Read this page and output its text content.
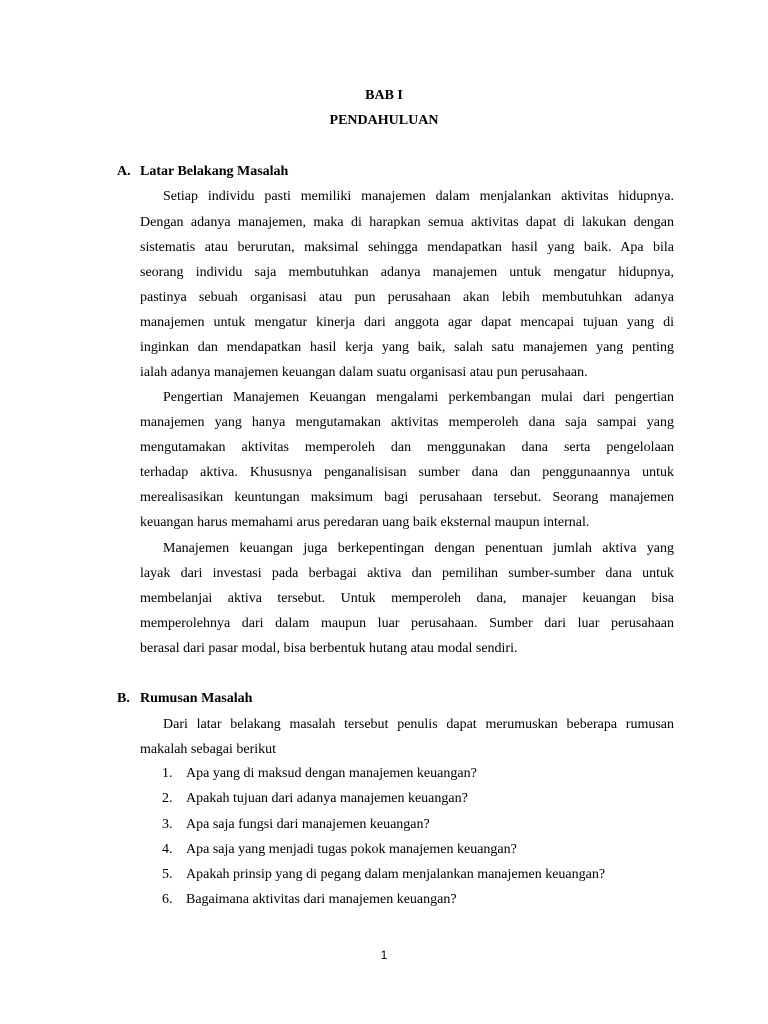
BAB I
PENDAHULUAN
A. Latar Belakang Masalah
Setiap individu pasti memiliki manajemen dalam menjalankan aktivitas hidupnya.
Dengan adanya manajemen, maka di harapkan semua aktivitas dapat di lakukan dengan
sistematis atau berurutan, maksimal sehingga mendapatkan hasil yang baik. Apa bila
seorang individu saja membutuhkan adanya manajemen untuk mengatur hidupnya,
pastinya sebuah organisasi atau pun perusahaan akan lebih membutuhkan adanya
manajemen untuk mengatur kinerja dari anggota agar dapat mencapai tujuan yang di
inginkan dan mendapatkan hasil kerja yang baik, salah satu manajemen yang penting
ialah adanya manajemen keuangan dalam suatu organisasi atau pun perusahaan.
Pengertian Manajemen Keuangan mengalami perkembangan mulai dari pengertian
manajemen yang hanya mengutamakan aktivitas memperoleh dana saja sampai yang
mengutamakan aktivitas memperoleh dan menggunakan dana serta pengelolaan
terhadap aktiva. Khususnya penganalisisan sumber dana dan penggunaannya untuk
merealisasikan keuntungan maksimum bagi perusahaan tersebut. Seorang manajemen
keuangan harus memahami arus peredaran uang baik eksternal maupun internal.
Manajemen keuangan juga berkepentingan dengan penentuan jumlah aktiva yang
layak dari investasi pada berbagai aktiva dan pemilihan sumber-sumber dana untuk
membelanjai aktiva tersebut. Untuk memperoleh dana, manajer keuangan bisa
memperolehnya dari dalam maupun luar perusahaan. Sumber dari luar perusahaan
berasal dari pasar modal, bisa berbentuk hutang atau modal sendiri.
B. Rumusan Masalah
Dari latar belakang masalah tersebut penulis dapat merumuskan beberapa rumusan
makalah sebagai berikut
1. Apa yang di maksud dengan manajemen keuangan?
2. Apakah tujuan dari adanya manajemen keuangan?
3. Apa saja fungsi dari manajemen keuangan?
4. Apa saja yang menjadi tugas pokok manajemen keuangan?
5. Apakah prinsip yang di pegang dalam menjalankan manajemen keuangan?
6. Bagaimana aktivitas dari manajemen keuangan?
1
